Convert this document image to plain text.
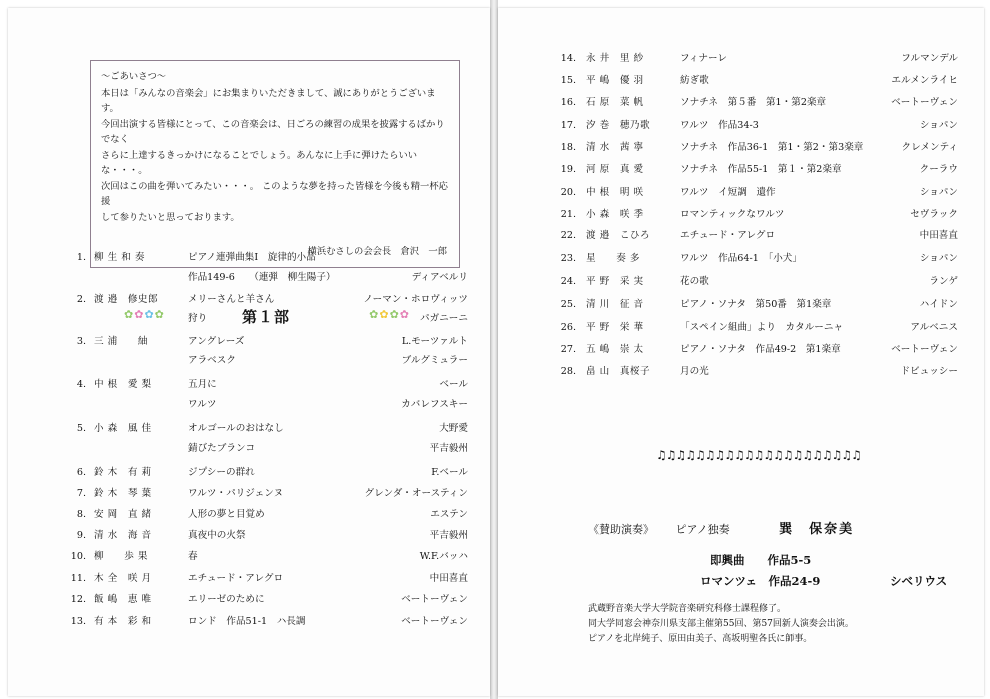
～ごあいさつ～

本日は「みんなの音楽会」にお集まりいただきまして、誠にありがとうございます。

今回出演する皆様にとって、この音楽会は、日ごろの練習の成果を披露するばかりでなく

さらに上達するきっかけになることでしょう。あんなに上手に弾けたらいいな・・・。

次回はこの曲を弾いてみたい・・・。 このような夢を持った皆様を今後も精一杯応援

して参りたいと思っております。

横浜むさしの会会長　倉沢　一郎

✿✿✿✿	第１部	✿✿✿✿
1. 柳 生 和 奏	ピアノ連弾曲集Ⅰ　旋律的小品
作品149-6　　（連弾　柳生陽子）	ディアベルリ
2. 渡 邉　修史郎	メリーさんと羊さん	ノーマン・ホロヴィッツ
狩り	パガニーニ
3. 三 浦　　紬	アングレーズ	L.モーツァルト
アラベスク	ブルグミュラー
4. 中 根　愛 梨	五月に	ベール
ワルツ	カバレフスキー
5. 小 森　風 佳	オルゴールのおはなし	大野愛
錆びたブランコ	平吉毅州
6. 鈴 木　有 莉	ジプシーの群れ	F.ベール
7. 鈴 木　琴 葉	ワルツ・パリジェンヌ	グレンダ・オースティン
8. 安 岡　直 緒	人形の夢と目覚め	エステン
9. 清 水　海 音	真夜中の火祭	平吉毅州
10. 柳　　歩 果	春	W.F.バッハ
11. 木 全　咲 月	エチュード・アレグロ	中田喜直
12. 飯 嶋　恵 唯	エリーゼのために	ベートーヴェン
13. 有 本　彩 和	ロンド　作品51-1　ハ長調	ベートーヴェン
14. 永 井　里 紗	フィナーレ	フルマンデル
15. 平 嶋　優 羽	紡ぎ歌	エルメンライヒ
16. 石 原　菜 帆	ソナチネ　第５番　第1・第2楽章	ベートーヴェン
17. 汐 巻　穂乃歌	ワルツ　作品34-3	ショパン
18. 清 水　茜 寧	ソナチネ　作品36-1　第1・第2・第3楽章	クレメンティ
19. 河 原　真 愛	ソナチネ　作品55-1　第１・第2楽章	クーラウ
20. 中 根　明 咲	ワルツ　イ短調　遺作	ショパン
21. 小 森　咲 季	ロマンティックなワルツ	セヴラック
22. 渡 邉　こひろ	エチュード・アレグロ	中田喜直
23. 星　　奏 多	ワルツ　作品64-1　「小犬」	ショパン
24. 平 野　采 実	花の歌	ランゲ
25. 清 川　征 音	ピアノ・ソナタ　第50番　第1楽章	ハイドン
26. 平 野　栄 華	「スペイン組曲」より　カタルーニャ	アルベニス
27. 五 嶋　崇 太	ピアノ・ソナタ　作品49-2　第1楽章	ベートーヴェン
28. 畠 山　真桜子	月の光	ドビュッシー
♫♫♫♫♫♫♫♫♫♫♫♫♫♫♫♫♫♫♫♫♫
《賛助演奏》 ピアノ独奏	巽　保奈美
即興曲　　作品5-5
ロマンツェ　作品24-9	シベリウス

武蔵野音楽大学大学院音楽研究科修士課程修了。

同大学同窓会神奈川県支部主催第55回、第57回新人演奏会出演。

ピアノを北岸純子、原田由美子、高坂明聖各氏に師事。
